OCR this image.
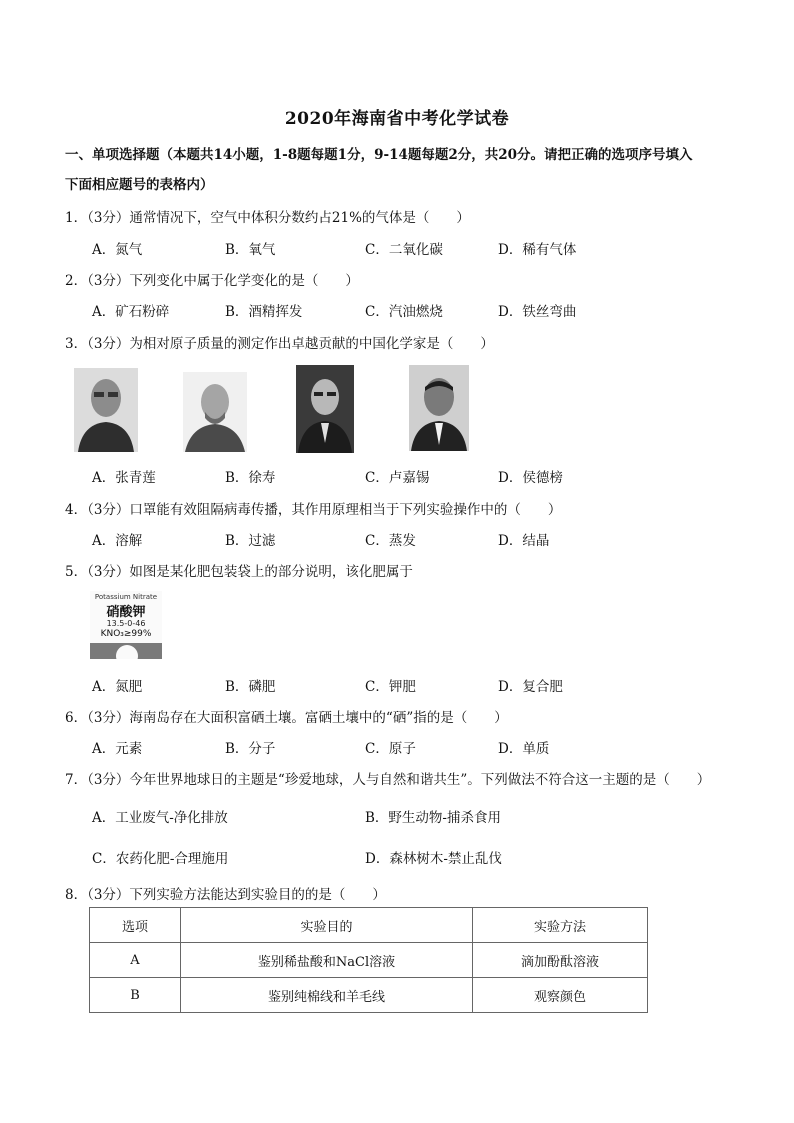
2020年海南省中考化学试卷
一、单项选择题（本题共14小题，1-8题每题1分，9-14题每题2分，共20分。请把正确的选项序号填入
下面相应题号的表格内）
1．（3分）通常情况下，空气中体积分数约占21%的气体是（　　）
A．氮气	B．氧气	C．二氧化碳	D．稀有气体
2．（3分）下列变化中属于化学变化的是（　　）
A．矿石粉碎	B．酒精挥发	C．汽油燃烧	D．铁丝弯曲
3．（3分）为相对原子质量的测定作出卓越贡献的中国化学家是（　　）
A．张青莲	B．徐寿	C．卢嘉锡	D．侯德榜
4．（3分）口罩能有效阻隔病毒传播，其作用原理相当于下列实验操作中的（　　）
A．溶解	B．过滤	C．蒸发	D．结晶
5．（3分）如图是某化肥包装袋上的部分说明，该化肥属于
Potassium Nitrate
硝酸钾
13.5-0-46
KNO₃≥99%
A．氮肥	B．磷肥	C．钾肥	D．复合肥
6．（3分）海南岛存在大面积富硒土壤。富硒土壤中的“硒”指的是（　　）
A．元素	B．分子	C．原子	D．单质
7．（3分）今年世界地球日的主题是“珍爱地球，人与自然和谐共生”。下列做法不符合这一主题的是（　　）
A．工业废气-净化排放	B．野生动物-捕杀食用
C．农药化肥-合理施用	D．森林树木-禁止乱伐
8．（3分）下列实验方法能达到实验目的的是（　　）
选项	实验目的	实验方法
A	鉴别稀盐酸和NaCl溶液	滴加酚酞溶液
B	鉴别纯棉线和羊毛线	观察颜色
